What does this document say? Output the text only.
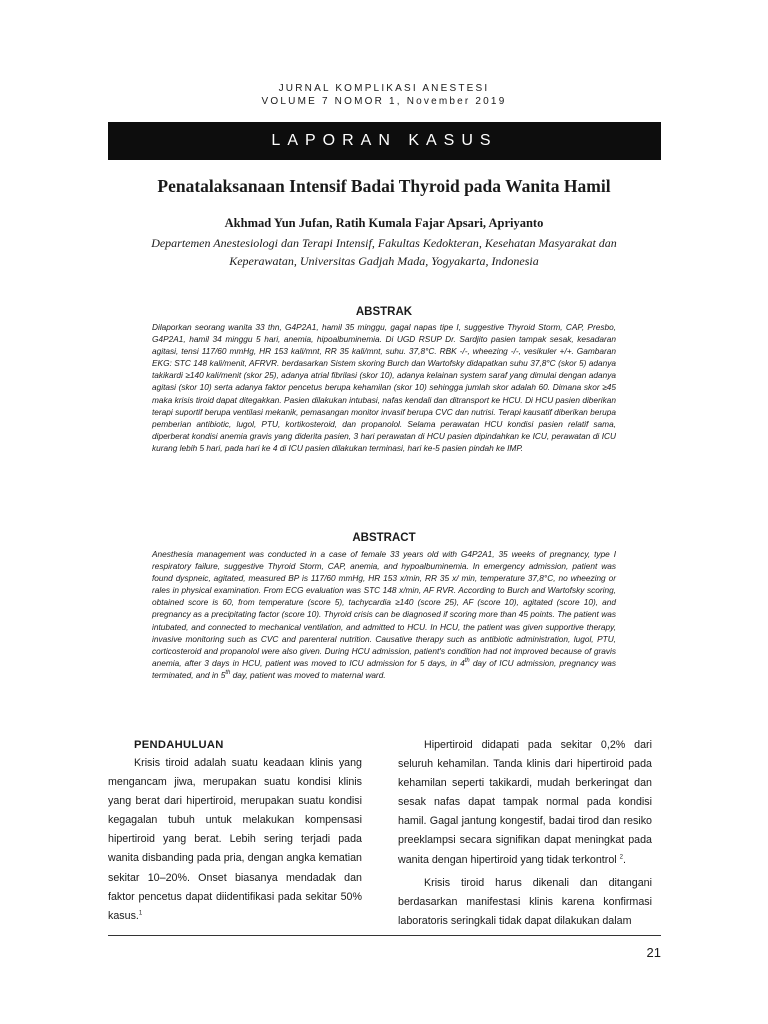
JURNAL KOMPLIKASI ANESTESI
VOLUME 7 NOMOR 1, November 2019
LAPORAN KASUS
Penatalaksanaan Intensif Badai Thyroid pada Wanita Hamil
Akhmad Yun Jufan, Ratih Kumala Fajar Apsari, Apriyanto
Departemen Anestesiologi dan Terapi Intensif, Fakultas Kedokteran, Kesehatan Masyarakat dan Keperawatan, Universitas Gadjah Mada, Yogyakarta, Indonesia
ABSTRAK

Dilaporkan seorang wanita 33 thn, G4P2A1, hamil 35 minggu, gagal napas tipe I, suggestive Thyroid Storm, CAP, Presbo, G4P2A1, hamil 34 minggu 5 hari, anemia, hipoalbuminemia. Di UGD RSUP Dr. Sardjito pasien tampak sesak, kesadaran agitasi, tensi 117/60 mmHg, HR 153 kali/mnt, RR 35 kali/mnt, suhu. 37,8°C. RBK -/-, wheezing -/-, vesikuler +/+. Gambaran EKG: STC 148 kali/menit, AFRVR. berdasarkan Sistem skoring Burch dan Wartofsky didapatkan suhu 37,8°C (skor 5) adanya takikardi ≥140 kali/menit (skor 25), adanya atrial fibrilasi (skor 10), adanya kelainan system saraf yang dimulai dengan adanya agitasi (skor 10) serta adanya faktor pencetus berupa kehamilan (skor 10) sehingga jumlah skor adalah 60. Dimana skor ≥45 maka krisis tiroid dapat ditegakkan. Pasien dilakukan intubasi, nafas kendali dan ditransport ke HCU. Di HCU pasien diberikan terapi suportif berupa ventilasi mekanik, pemasangan monitor invasif berupa CVC dan nutrisi. Terapi kausatif diberikan berupa pemberian antibiotic, lugol, PTU, kortikosteroid, dan propanolol. Selama perawatan HCU kondisi pasien relatif sama, diperberat kondisi anemia gravis yang diderita pasien, 3 hari perawatan di HCU pasien dipindahkan ke ICU, perawatan di ICU kurang lebih 5 hari, pada hari ke 4 di ICU pasien dilakukan terminasi, hari ke-5 pasien pindah ke IMP.

ABSTRACT

Anesthesia management was conducted in a case of female 33 years old with G4P2A1, 35 weeks of pregnancy, type I respiratory failure, suggestive Thyroid Storm, CAP, anemia, and hypoalbuminemia. In emergency admission, patient was found dyspneic, agitated, measured BP is 117/60 mmHg, HR 153 x/min, RR 35 x/ min, temperature 37,8°C, no wheezing or rales in physical examination. From ECG evaluation was STC 148 x/min, AF RVR. According to Burch and Wartofsky scoring, obtained score is 60, from temperature (score 5), tachycardia ≥140 (score 25), AF (score 10), agitated (score 10), and pregnancy as a precipitating factor (score 10). Thyroid crisis can be diagnosed if scoring more than 45 points. The patient was intubated, and connected to mechanical ventilation, and admitted to HCU. In HCU, the patient was given supportive therapy, invasive monitoring such as CVC and parenteral nutrition. Causative therapy such as antibiotic administration, lugol, PTU, corticosteroid and propanolol were also given. During HCU admission, patient's condition had not improved because of gravis anemia, after 3 days in HCU, patient was moved to ICU admission for 5 days, in 4th day of ICU admission, pregnancy was terminated, and in 5th day, patient was moved to maternal ward.

PENDAHULUAN

Krisis tiroid adalah suatu keadaan klinis yang mengancam jiwa, merupakan suatu kondisi klinis yang berat dari hipertiroid, merupakan suatu kondisi kegagalan tubuh untuk melakukan kompensasi hipertiroid yang berat. Lebih sering terjadi pada wanita disbanding pada pria, dengan angka kematian sekitar 10–20%. Onset biasanya mendadak dan faktor pencetus dapat diidentifikasi pada sekitar 50% kasus.$^1$

Hipertiroid didapati pada sekitar 0,2% dari seluruh kehamilan. Tanda klinis dari hipertiroid pada kehamilan seperti takikardi, mudah berkeringat dan sesak nafas dapat tampak normal pada kondisi hamil. Gagal jantung kongestif, badai tirod dan resiko preeklampsi secara signifikan dapat meningkat pada wanita dengan hipertiroid yang tidak terkontrol $^2$.

Krisis tiroid harus dikenali dan ditangani berdasarkan manifestasi klinis karena konfirmasi laboratoris seringkali tidak dapat dilakukan dalam

21
